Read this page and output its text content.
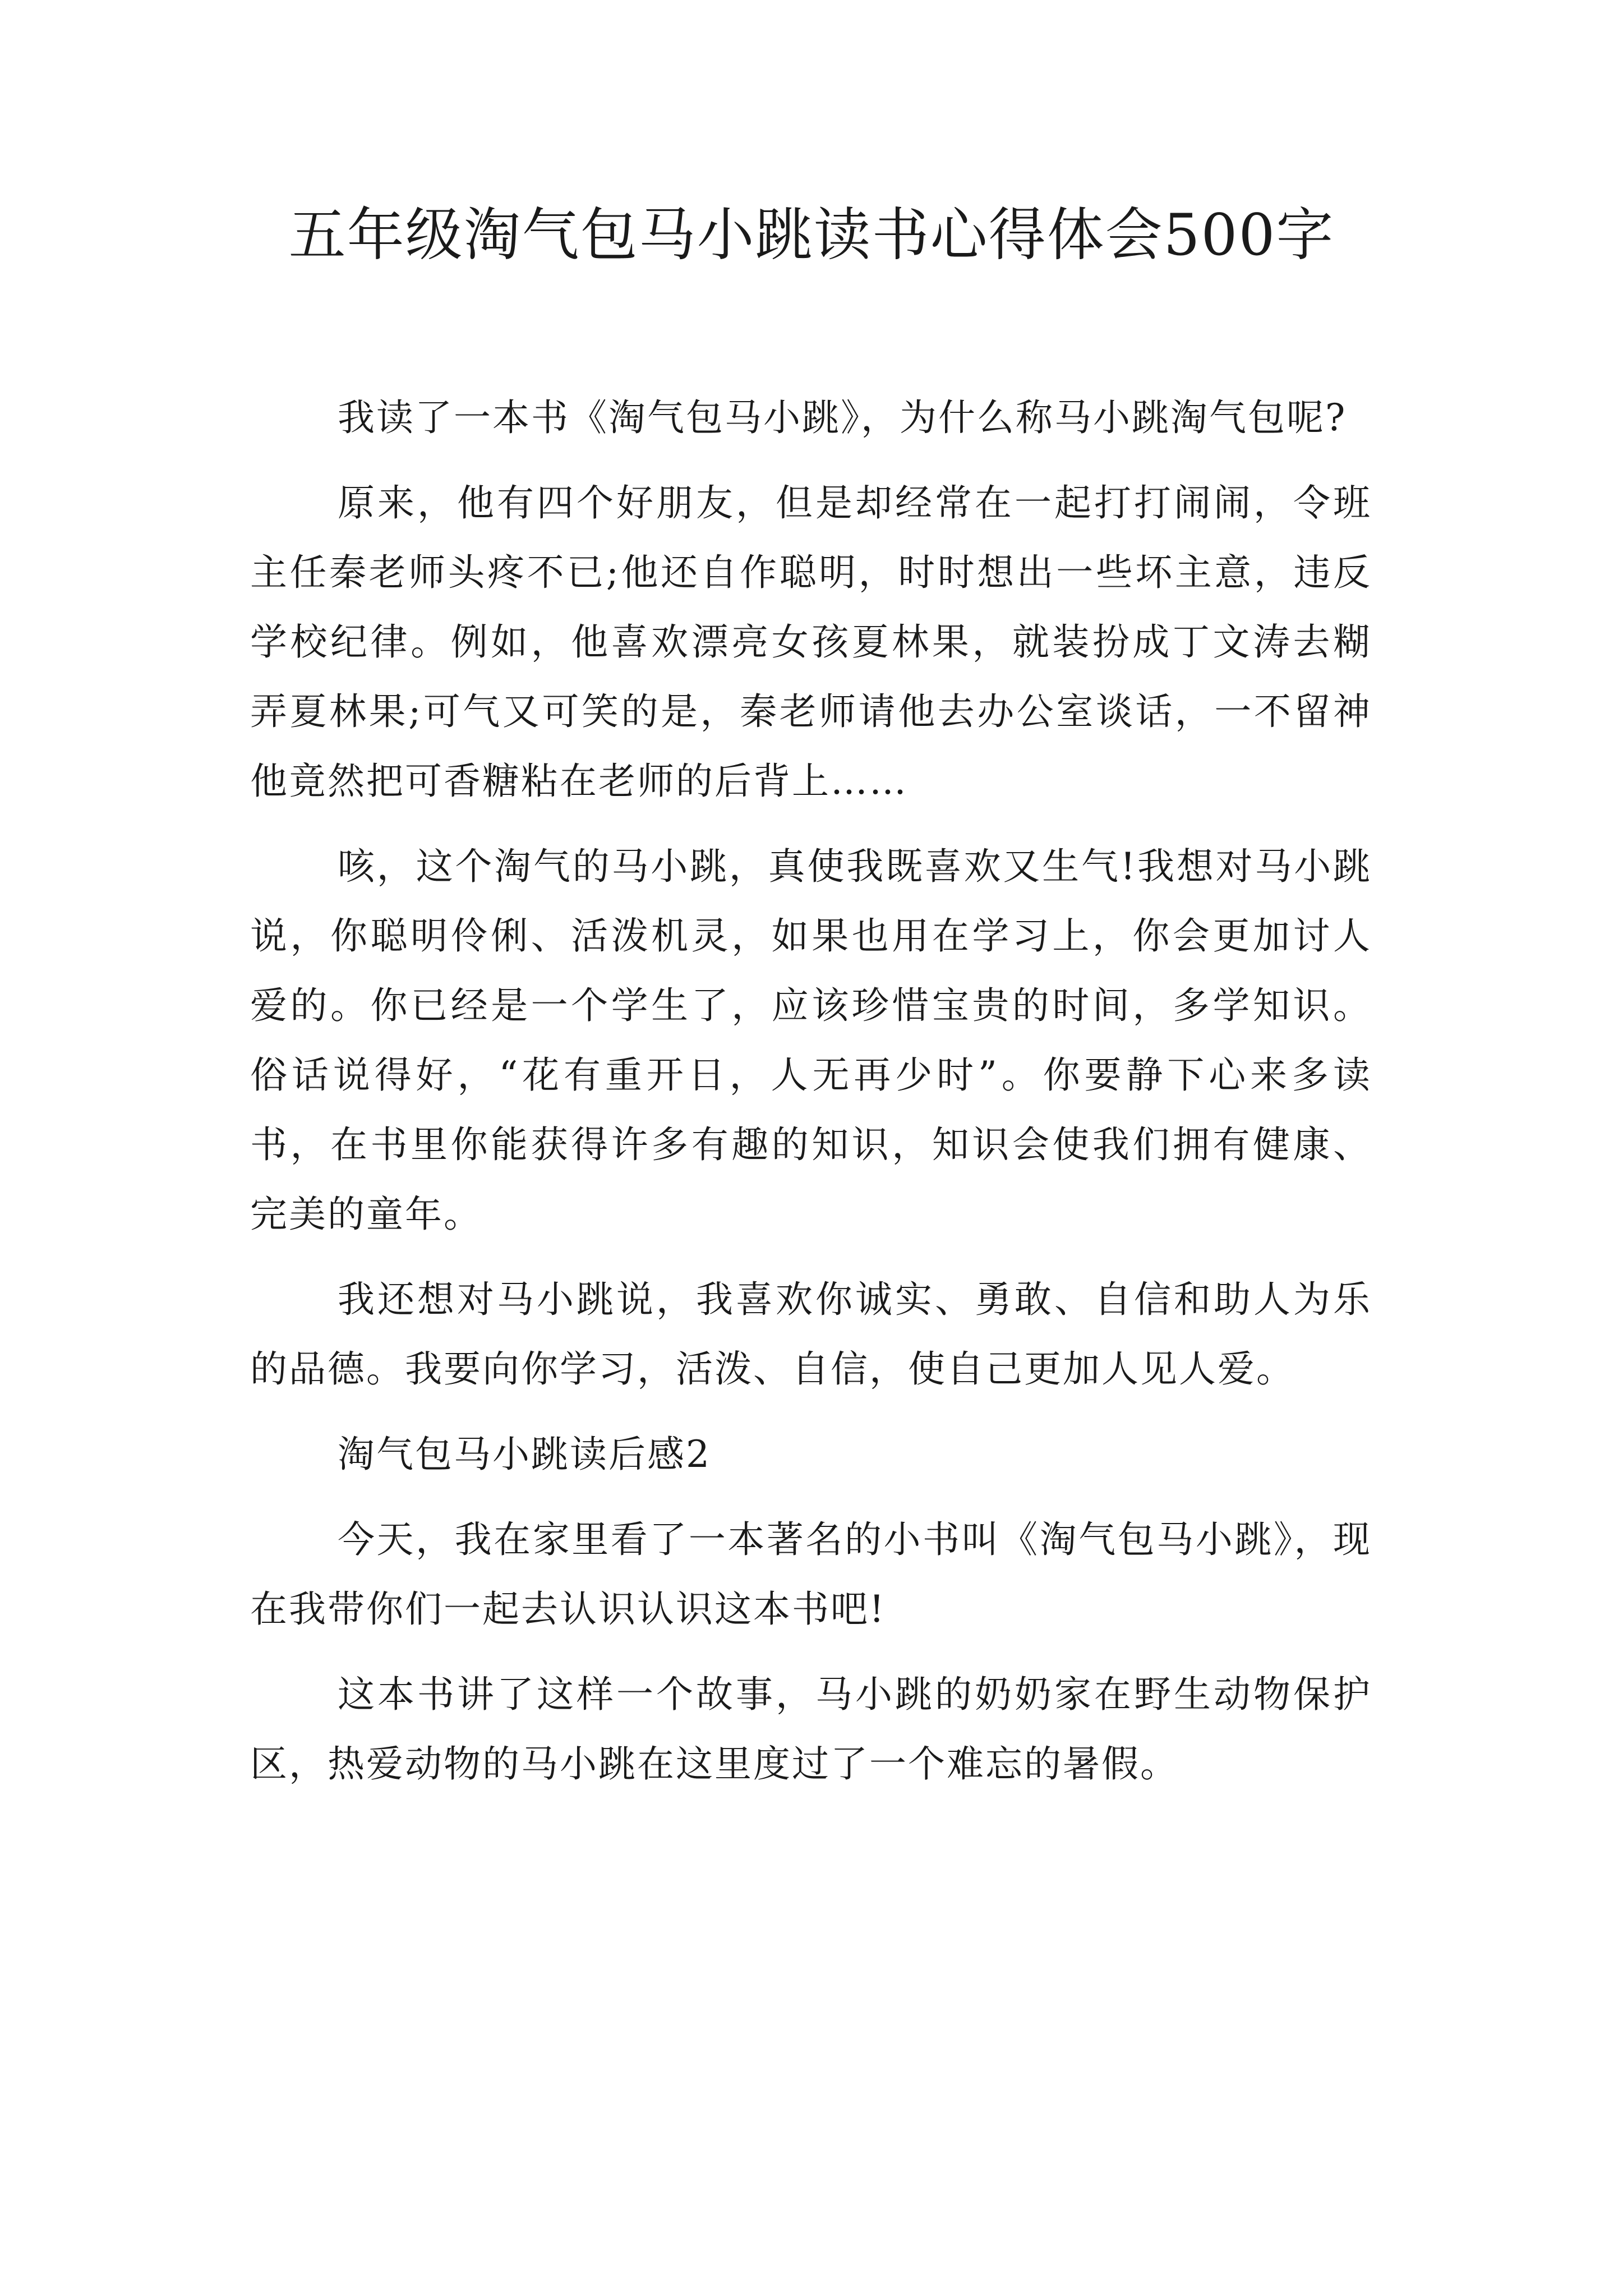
五年级淘气包马小跳读书心得体会500字

我读了一本书《淘气包马小跳》，为什么称马小跳淘气包呢?

原来，他有四个好朋友，但是却经常在一起打打闹闹，令班主任秦老师头疼不已;他还自作聪明，时时想出一些坏主意，违反学校纪律。例如，他喜欢漂亮女孩夏林果，就装扮成丁文涛去糊弄夏林果;可气又可笑的是，秦老师请他去办公室谈话，一不留神他竟然把可香糖粘在老师的后背上……

咳，这个淘气的马小跳，真使我既喜欢又生气!我想对马小跳说，你聪明伶俐、活泼机灵，如果也用在学习上，你会更加讨人爱的。你已经是一个学生了，应该珍惜宝贵的时间，多学知识。俗话说得好，“花有重开日，人无再少时”。你要静下心来多读书，在书里你能获得许多有趣的知识，知识会使我们拥有健康、完美的童年。

我还想对马小跳说，我喜欢你诚实、勇敢、自信和助人为乐的品德。我要向你学习，活泼、自信，使自己更加人见人爱。

淘气包马小跳读后感2

今天，我在家里看了一本著名的小书叫《淘气包马小跳》，现在我带你们一起去认识认识这本书吧!

这本书讲了这样一个故事，马小跳的奶奶家在野生动物保护区，热爱动物的马小跳在这里度过了一个难忘的暑假。
